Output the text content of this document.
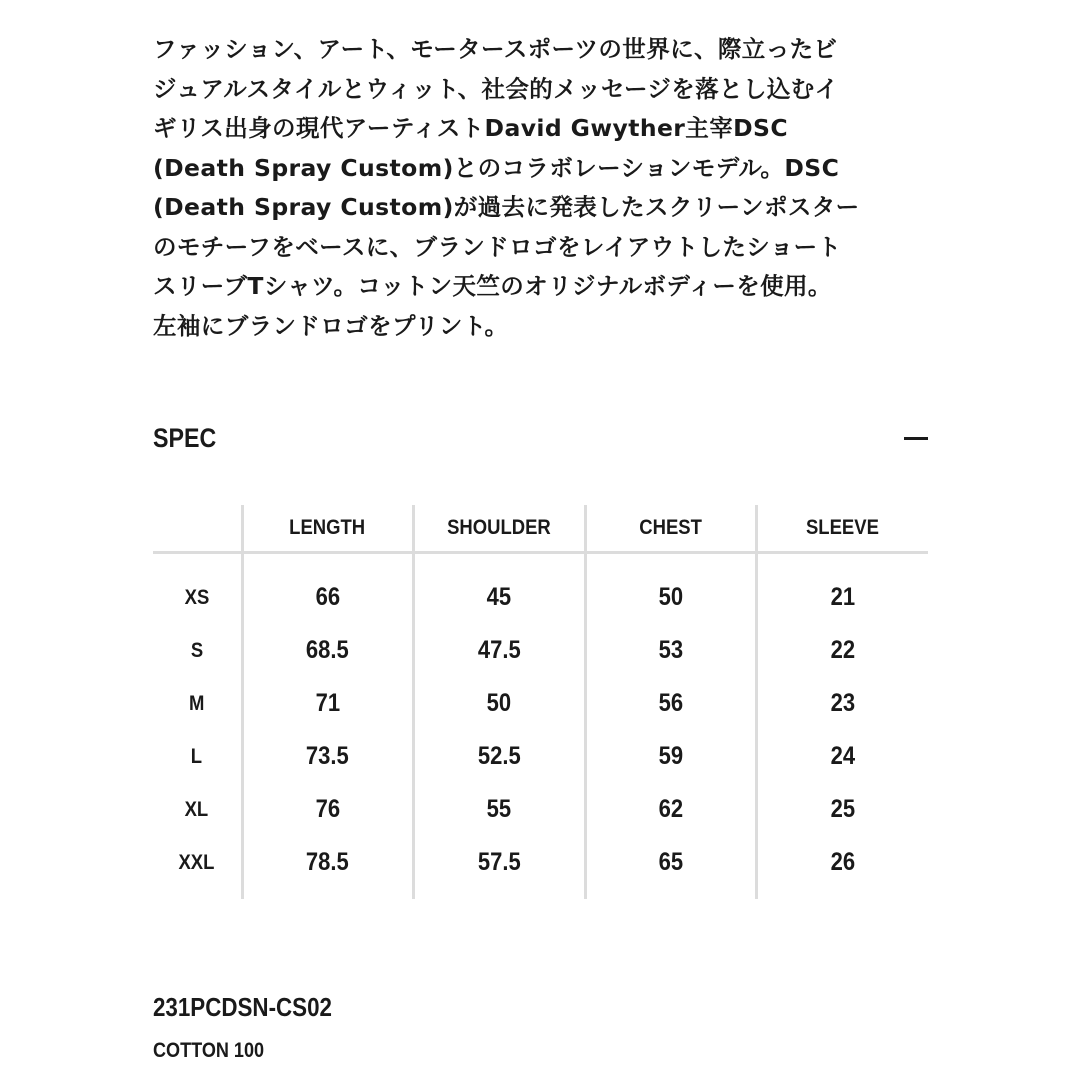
ファッション、アート、モータースポーツの世界に、際立ったビ
ジュアルスタイルとウィット、社会的メッセージを落とし込むイ
ギリス出身の現代アーティストDavid Gwyther主宰DSC
(Death Spray Custom)とのコラボレーションモデル。DSC
(Death Spray Custom)が過去に発表したスクリーンポスター
のモチーフをベースに、ブランドロゴをレイアウトしたショート
スリーブTシャツ。コットン天竺のオリジナルボディーを使用。
左袖にブランドロゴをプリント。
SPEC
	LENGTH	SHOULDER	CHEST	SLEEVE
XS	66	45	50	21
S	68.5	47.5	53	22
M	71	50	56	23
L	73.5	52.5	59	24
XL	76	55	62	25
XXL	78.5	57.5	65	26
231PCDSN-CS02
COTTON 100
